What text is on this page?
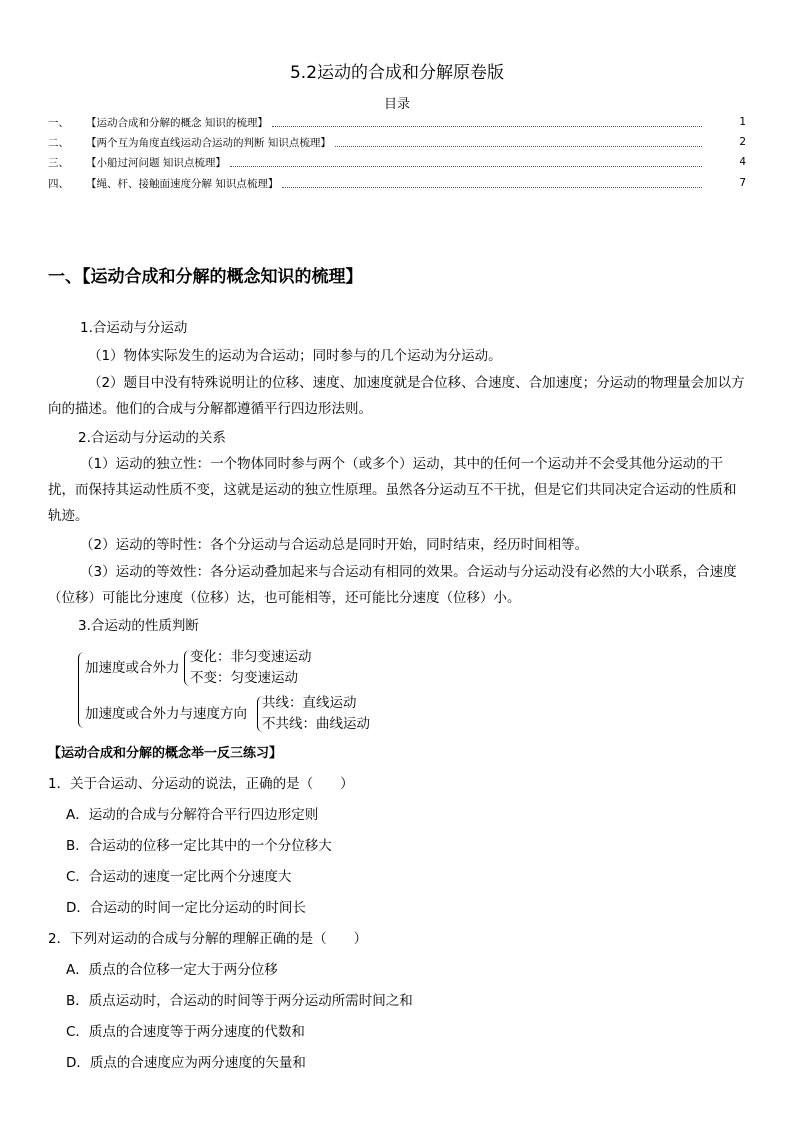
5.2运动的合成和分解原卷版
目录
一、	【运动合成和分解的概念 知识的梳理】	1
二、	【两个互为角度直线运动合运动的判断 知识点梳理】	2
三、	【小船过河问题 知识点梳理】	4
四、	【绳、杆、接触面速度分解 知识点梳理】	7
一、【运动合成和分解的概念知识的梳理】
1.合运动与分运动
（1）物体实际发生的运动为合运动；同时参与的几个运动为分运动。
（2）题目中没有特殊说明让的位移、速度、加速度就是合位移、合速度、合加速度；分运动的物理量会加以方向的描述。他们的合成与分解都遵循平行四边形法则。
2.合运动与分运动的关系
（1）运动的独立性：一个物体同时参与两个（或多个）运动，其中的任何一个运动并不会受其他分运动的干扰，而保持其运动性质不变，这就是运动的独立性原理。虽然各分运动互不干扰，但是它们共同决定合运动的性质和轨迹。
（2）运动的等时性：各个分运动与合运动总是同时开始，同时结束，经历时间相等。
（3）运动的等效性：各分运动叠加起来与合运动有相同的效果。合运动与分运动没有必然的大小联系，合速度（位移）可能比分速度（位移）达，也可能相等，还可能比分速度（位移）小。
3.合运动的性质判断
加速度或合外力
变化：非匀变速运动
不变：匀变速运动
加速度或合外力与速度方向
共线：直线运动
不共线：曲线运动
【运动合成和分解的概念举一反三练习】
1．关于合运动、分运动的说法，正确的是（　　）
A．运动的合成与分解符合平行四边形定则
B．合运动的位移一定比其中的一个分位移大
C．合运动的速度一定比两个分速度大
D．合运动的时间一定比分运动的时间长
2．下列对运动的合成与分解的理解正确的是（　　）
A．质点的合位移一定大于两分位移
B．质点运动时，合运动的时间等于两分运动所需时间之和
C．质点的合速度等于两分速度的代数和
D．质点的合速度应为两分速度的矢量和
